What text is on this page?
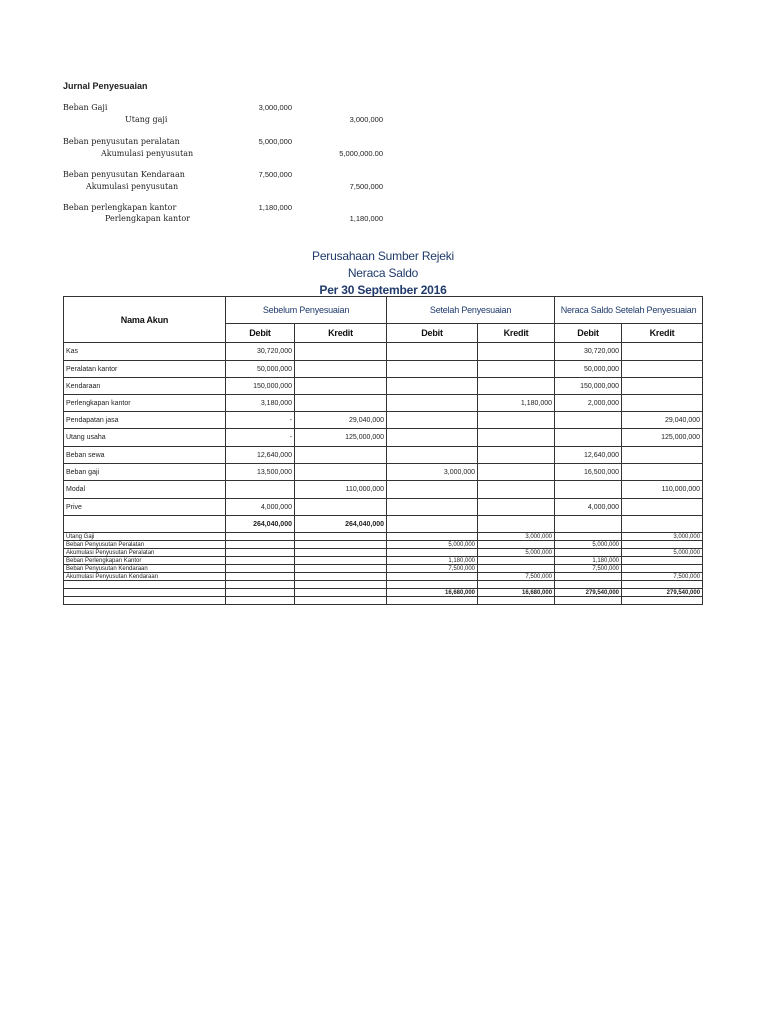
Jurnal Penyesuaian
Beban Gaji	3,000,000
Utang gaji	3,000,000
Beban penyusutan peralatan	5,000,000
Akumulasi penyusutan	5,000,000.00
Beban penyusutan Kendaraan	7,500,000
Akumulasi penyusutan	7,500,000
Beban perlengkapan kantor	1,180,000
Perlengkapan kantor	1,180,000
Perusahaan Sumber Rejeki
Neraca Saldo
Per 30 September 2016
Nama Akun	Sebelum Penyesuaian		Setelah Penyesuaian		Neraca Saldo Setelah Penyesuaian	
	Debit	Kredit	Debit	Kredit	Debit	Kredit
Kas	30,720,000				30,720,000	
Peralatan kantor	50,000,000				50,000,000	
Kendaraan	150,000,000				150,000,000	
Perlengkapan kantor	3,180,000			1,180,000	2,000,000	
Pendapatan jasa	-	29,040,000				29,040,000
Utang usaha	-	125,000,000				125,000,000
Beban sewa	12,640,000				12,640,000	
Beban gaji	13,500,000		3,000,000		16,500,000	
Modal		110,000,000				110,000,000
Prive	4,000,000				4,000,000	
	264,040,000	264,040,000				
Utang Gaji				3,000,000		3,000,000
Beban Penyusutan Peralatan			5,000,000		5,000,000	
Akumulasi Penyusutan Peralatan				5,000,000		5,000,000
Beban Perlengkapan Kantor			1,180,000		1,180,000	
Beban Penyusutan Kendaraan			7,500,000		7,500,000	
Akumulasi Penyusutan Kendaraan				7,500,000		7,500,000

			16,680,000	16,680,000	279,540,000	279,540,000
